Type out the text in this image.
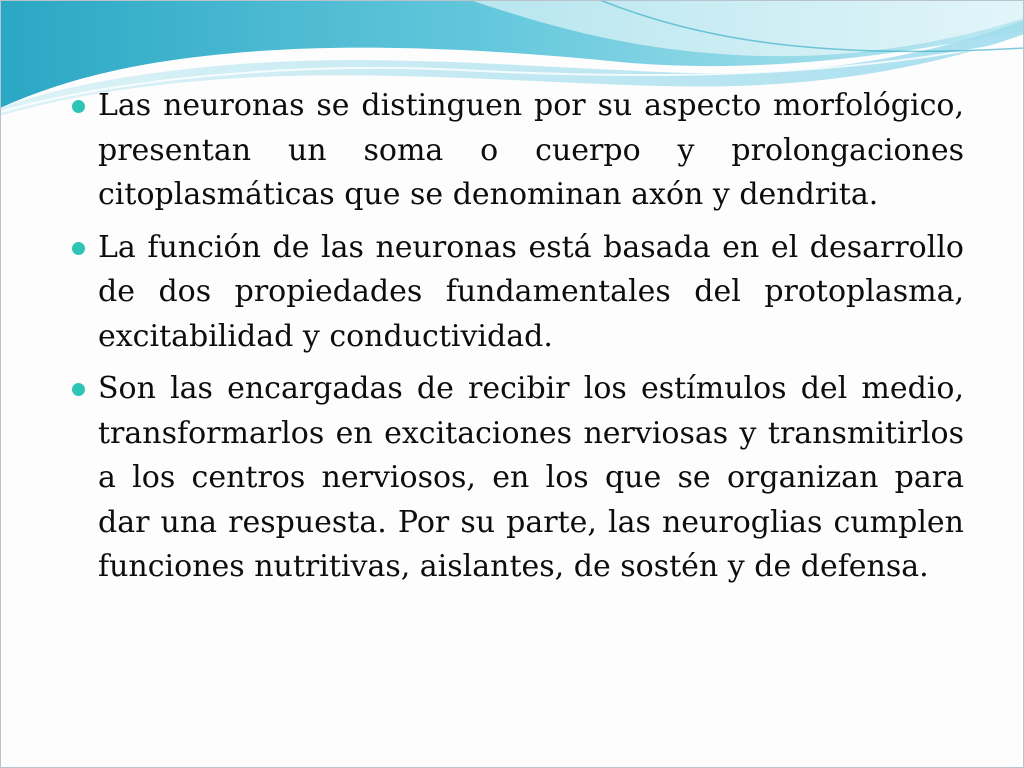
Las neuronas se distinguen por su aspecto morfológico, presentan un soma o cuerpo y prolongaciones citoplasmáticas que se denominan axón y dendrita.
La función de las neuronas está basada en el desarrollo de dos propiedades fundamentales del protoplasma, excitabilidad y conductividad.
Son las encargadas de recibir los estímulos del medio, transformarlos en excitaciones nerviosas y transmitirlos a los centros nerviosos, en los que se organizan para dar una respuesta. Por su parte, las neuroglias cumplen funciones nutritivas, aislantes, de sostén y de defensa.
